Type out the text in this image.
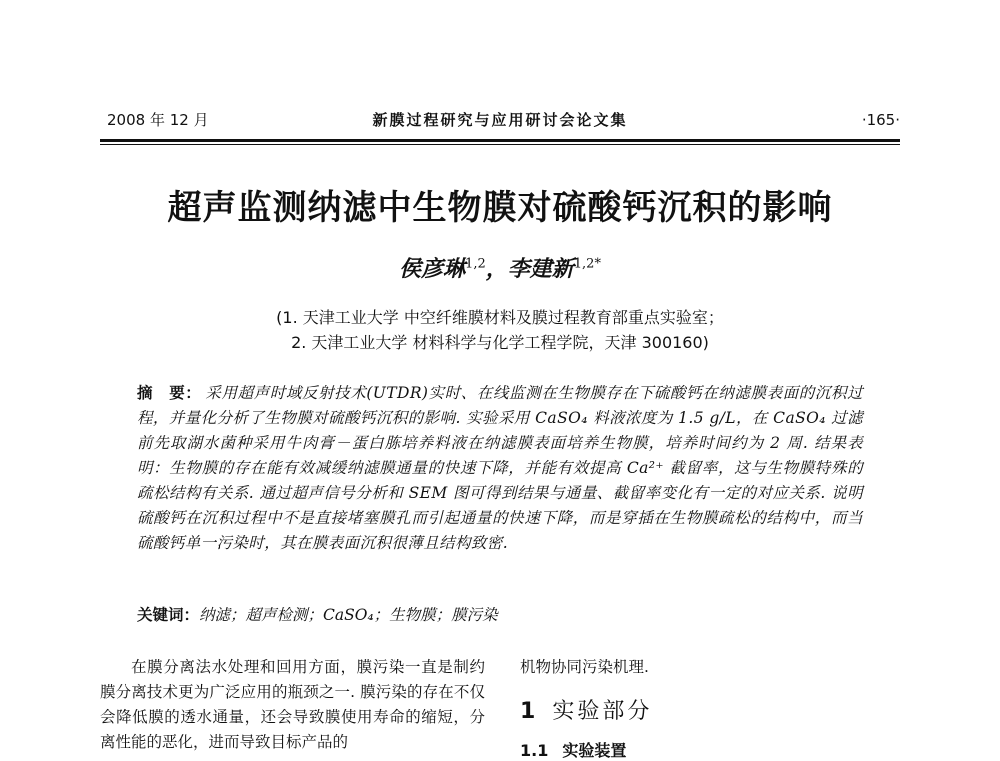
2008 年 12 月	新膜过程研究与应用研讨会论文集	·165·
超声监测纳滤中生物膜对硫酸钙沉积的影响
侯彦琳$^{1,2}$，李建新$^{1,2*}$
(1. 天津工业大学 中空纤维膜材料及膜过程教育部重点实验室；
2. 天津工业大学 材料科学与化学工程学院，天津 300160)
摘　要： 采用超声时域反射技术(UTDR)实时、在线监测在生物膜存在下硫酸钙在纳滤膜表面的沉积过程，并量化分析了生物膜对硫酸钙沉积的影响. 实验采用 CaSO₄ 料液浓度为 1.5 g/L，在 CaSO₄ 过滤前先取湖水菌种采用牛肉膏－蛋白胨培养料液在纳滤膜表面培养生物膜，培养时间约为 2 周. 结果表明：生物膜的存在能有效减缓纳滤膜通量的快速下降，并能有效提高 Ca²⁺ 截留率，这与生物膜特殊的疏松结构有关系. 通过超声信号分析和 SEM 图可得到结果与通量、截留率变化有一定的对应关系. 说明硫酸钙在沉积过程中不是直接堵塞膜孔而引起通量的快速下降，而是穿插在生物膜疏松的结构中，而当硫酸钙单一污染时，其在膜表面沉积很薄且结构致密.
关键词：纳滤；超声检测；CaSO₄；生物膜；膜污染
在膜分离法水处理和回用方面，膜污染一直是制约膜分离技术更为广泛应用的瓶颈之一. 膜污染的存在不仅会降低膜的透水通量，还会导致膜使用寿命的缩短，分离性能的恶化，进而导致目标产品的
机物协同污染机理.
1 实验部分
1.1 实验装置
